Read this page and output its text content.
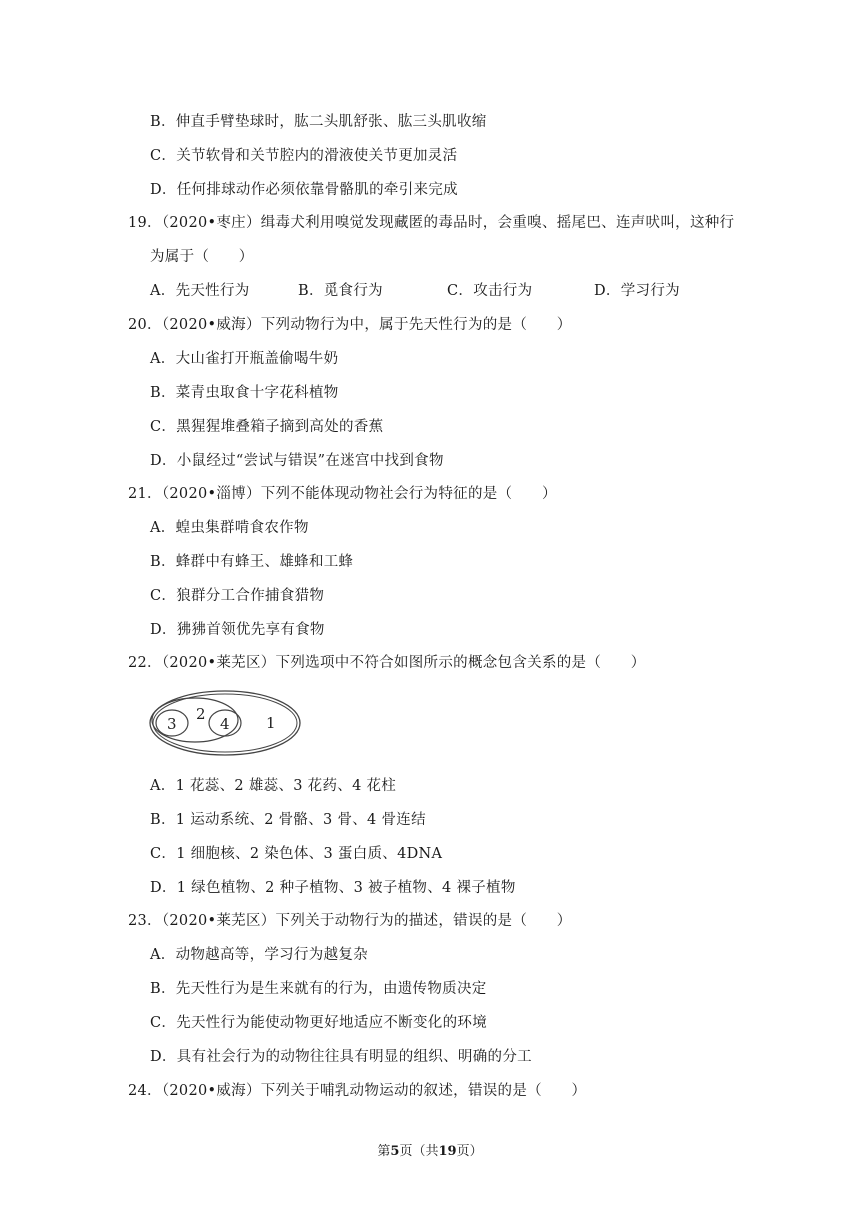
B．伸直手臂垫球时，肱二头肌舒张、肱三头肌收缩
C．关节软骨和关节腔内的滑液使关节更加灵活
D．任何排球动作必须依靠骨骼肌的牵引来完成
19．（2020•枣庄）缉毒犬利用嗅觉发现藏匿的毒品时，会重嗅、摇尾巴、连声吠叫，这种行
为属于（　　）
A．先天性行为	B．觅食行为	C．攻击行为	D．学习行为
20．（2020•威海）下列动物行为中，属于先天性行为的是（　　）
A．大山雀打开瓶盖偷喝牛奶
B．菜青虫取食十字花科植物
C．黑猩猩堆叠箱子摘到高处的香蕉
D．小鼠经过“尝试与错误”在迷宫中找到食物
21．（2020•淄博）下列不能体现动物社会行为特征的是（　　）
A．蝗虫集群啃食农作物
B．蜂群中有蜂王、雄蜂和工蜂
C．狼群分工合作捕食猎物
D．狒狒首领优先享有食物
22．（2020•莱芜区）下列选项中不符合如图所示的概念包含关系的是（　　）
1
2
3	4
A．1 花蕊、2 雄蕊、3 花药、4 花柱
B．1 运动系统、2 骨骼、3 骨、4 骨连结
C．1 细胞核、2 染色体、3 蛋白质、4DNA
D．1 绿色植物、2 种子植物、3 被子植物、4 裸子植物
23．（2020•莱芜区）下列关于动物行为的描述，错误的是（　　）
A．动物越高等，学习行为越复杂
B．先天性行为是生来就有的行为，由遗传物质决定
C．先天性行为能使动物更好地适应不断变化的环境
D．具有社会行为的动物往往具有明显的组织、明确的分工
24．（2020•威海）下列关于哺乳动物运动的叙述，错误的是（　　）
第5页（共19页）
